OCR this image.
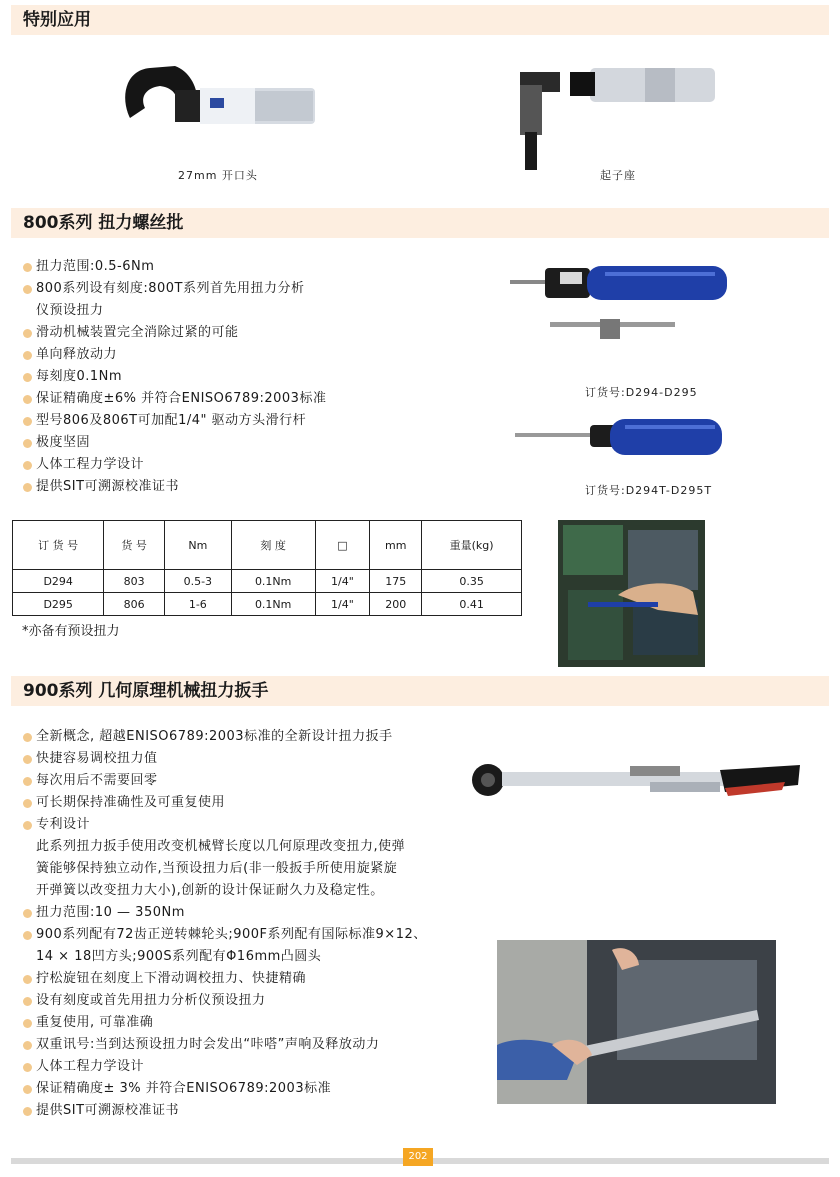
特别应用
27mm 开口头	起子座
800系列 扭力螺丝批
扭力范围:0.5-6Nm
800系列设有刻度:800T系列首先用扭力分析
仪预设扭力
滑动机械装置完全消除过紧的可能
单向释放动力
每刻度0.1Nm
保证精确度±6% 并符合ENISO6789:2003标准
型号806及806T可加配1/4" 驱动方头滑行杆
极度坚固
人体工程力学设计
提供SIT可溯源校准证书
订货号:D294-D295
订货号:D294T-D295T
订 货 号	货 号	Nm	刻 度	□	mm	重量(kg)
D294	803	0.5-3	0.1Nm	1/4"	175	0.35
D295	806	1-6	0.1Nm	1/4"	200	0.41
*亦备有预设扭力
900系列 几何原理机械扭力扳手
全新概念, 超越ENISO6789:2003标准的全新设计扭力扳手
快捷容易调校扭力值
每次用后不需要回零
可长期保持准确性及可重复使用
专利设计
此系列扭力扳手使用改变机械臂长度以几何原理改变扭力,使弹
簧能够保持独立动作,当预设扭力后(非一般扳手所使用旋紧旋
开弹簧以改变扭力大小),创新的设计保证耐久力及稳定性。
扭力范围:10 — 350Nm
900系列配有72齿正逆转棘轮头;900F系列配有国际标准9×12、
14 × 18凹方头;900S系列配有Φ16mm凸圆头
拧松旋钮在刻度上下滑动调校扭力、快捷精确
设有刻度或首先用扭力分析仪预设扭力
重复使用, 可靠准确
双重讯号:当到达预设扭力时会发出“咔嗒”声响及释放动力
人体工程力学设计
保证精确度± 3% 并符合ENISO6789:2003标准
提供SIT可溯源校准证书
202
